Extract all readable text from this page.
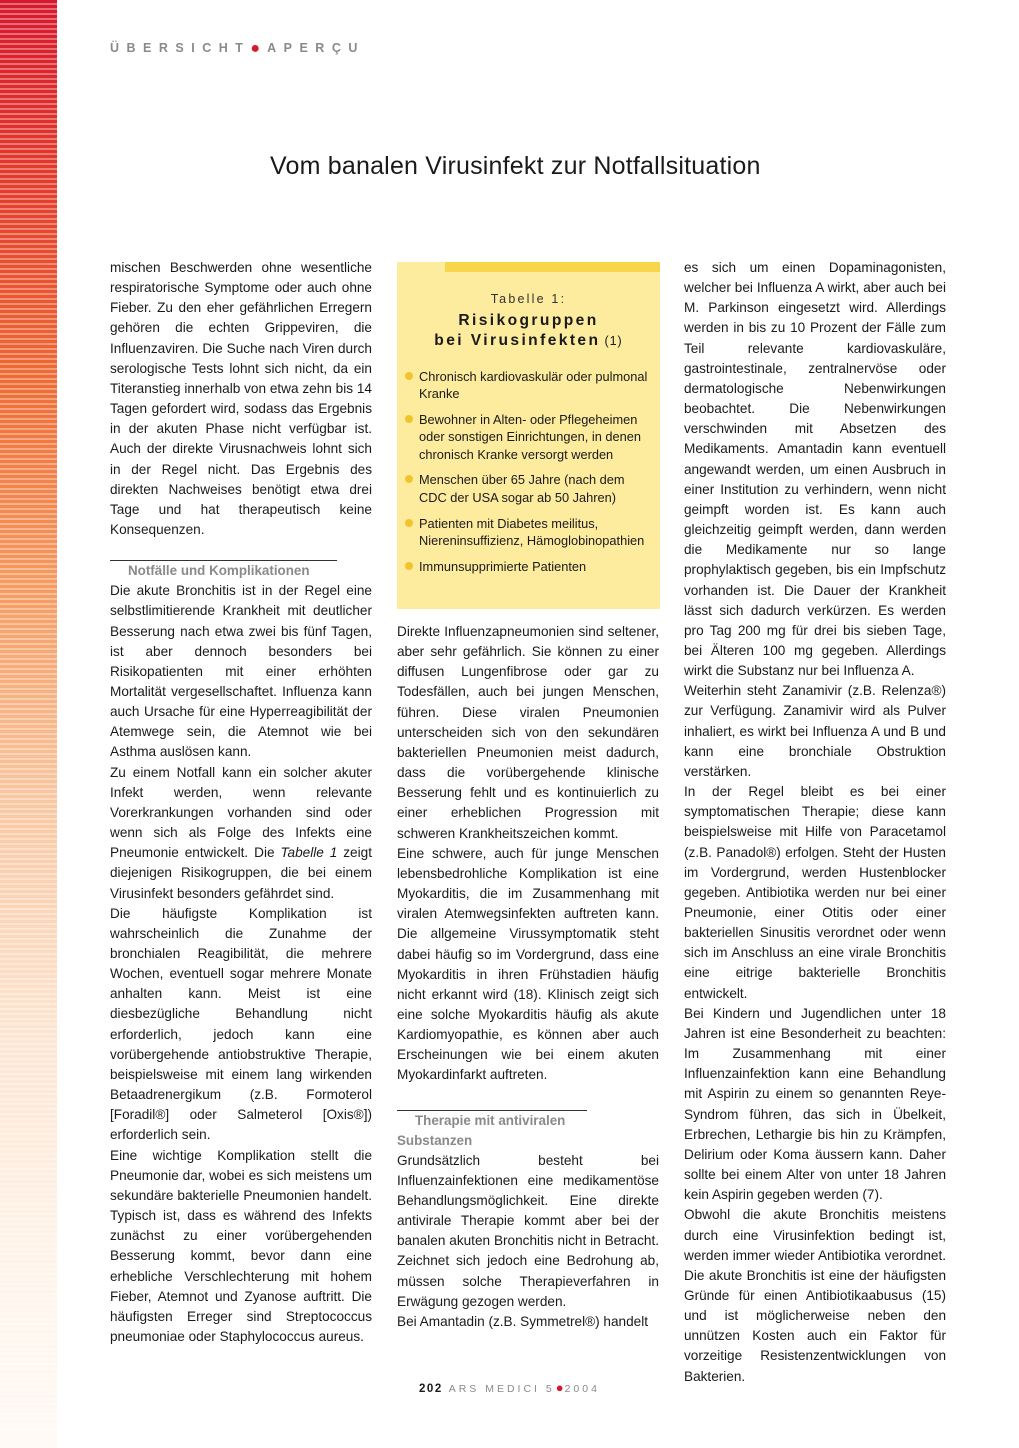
ÜBERSICHT● APERÇU
Vom banalen Virusinfekt zur Notfallsituation

mischen Beschwerden ohne wesentliche respiratorische Symptome oder auch ohne Fieber. Zu den eher gefährlichen Erregern gehören die echten Grippeviren, die Influenzaviren. Die Suche nach Viren durch serologische Tests lohnt sich nicht, da ein Titeranstieg innerhalb von etwa zehn bis 14 Tagen gefordert wird, sodass das Ergebnis in der akuten Phase nicht verfügbar ist. Auch der direkte Virusnachweis lohnt sich in der Regel nicht. Das Ergebnis des direkten Nachweises benötigt etwa drei Tage und hat therapeutisch keine Konsequenzen.

Notfälle und Komplikationen

Die akute Bronchitis ist in der Regel eine selbstlimitierende Krankheit mit deutlicher Besserung nach etwa zwei bis fünf Tagen, ist aber dennoch besonders bei Risikopatienten mit einer erhöhten Mortalität vergesellschaftet. Influenza kann auch Ursache für eine Hyperreagibilität der Atemwege sein, die Atemnot wie bei Asthma auslösen kann.

Zu einem Notfall kann ein solcher akuter Infekt werden, wenn relevante Vorerkrankungen vorhanden sind oder wenn sich als Folge des Infekts eine Pneumonie entwickelt. Die Tabelle 1 zeigt diejenigen Risikogruppen, die bei einem Virusinfekt besonders gefährdet sind.

Die häufigste Komplikation ist wahrscheinlich die Zunahme der bronchialen Reagibilität, die mehrere Wochen, eventuell sogar mehrere Monate anhalten kann. Meist ist eine diesbezügliche Behandlung nicht erforderlich, jedoch kann eine vorübergehende antiobstruktive Therapie, beispielsweise mit einem lang wirkenden Betaadrenergikum (z.B. Formoterol [Foradil®] oder Salmeterol [Oxis®]) erforderlich sein.

Eine wichtige Komplikation stellt die Pneumonie dar, wobei es sich meistens um sekundäre bakterielle Pneumonien handelt. Typisch ist, dass es während des Infekts zunächst zu einer vorübergehenden Besserung kommt, bevor dann eine erhebliche Verschlechterung mit hohem Fieber, Atemnot und Zyanose auftritt. Die häufigsten Erreger sind Streptococcus pneumoniae oder Staphylococcus aureus.

Tabelle 1:
Risikogruppen
bei Virusinfekten (1)
Chronisch kardiovaskulär oder pulmonal Kranke
Bewohner in Alten- oder Pflegeheimen oder sonstigen Einrichtungen, in denen chronisch Kranke versorgt werden
Menschen über 65 Jahre (nach dem CDC der USA sogar ab 50 Jahren)
Patienten mit Diabetes meilitus, Niereninsuffizienz, Hämoglobinopathien
Immunsupprimierte Patienten

Direkte Influenzapneumonien sind seltener, aber sehr gefährlich. Sie können zu einer diffusen Lungenfibrose oder gar zu Todesfällen, auch bei jungen Menschen, führen. Diese viralen Pneumonien unterscheiden sich von den sekundären bakteriellen Pneumonien meist dadurch, dass die vorübergehende klinische Besserung fehlt und es kontinuierlich zu einer erheblichen Progression mit schweren Krankheitszeichen kommt.

Eine schwere, auch für junge Menschen lebensbedrohliche Komplikation ist eine Myokarditis, die im Zusammenhang mit viralen Atemwegsinfekten auftreten kann. Die allgemeine Virussymptomatik steht dabei häufig so im Vordergrund, dass eine Myokarditis in ihren Frühstadien häufig nicht erkannt wird (18). Klinisch zeigt sich eine solche Myokarditis häufig als akute Kardiomyopathie, es können aber auch Erscheinungen wie bei einem akuten Myokardinfarkt auftreten.

Therapie mit antiviralen
Substanzen

Grundsätzlich besteht bei Influenzainfektionen eine medikamentöse Behandlungsmöglichkeit. Eine direkte antivirale Therapie kommt aber bei der banalen akuten Bronchitis nicht in Betracht. Zeichnet sich jedoch eine Bedrohung ab, müssen solche Therapieverfahren in Erwägung gezogen werden.

Bei Amantadin (z.B. Symmetrel®) handelt

es sich um einen Dopaminagonisten, welcher bei Influenza A wirkt, aber auch bei M. Parkinson eingesetzt wird. Allerdings werden in bis zu 10 Prozent der Fälle zum Teil relevante kardiovaskuläre, gastrointestinale, zentralnervöse oder dermatologische Nebenwirkungen beobachtet. Die Nebenwirkungen verschwinden mit Absetzen des Medikaments. Amantadin kann eventuell angewandt werden, um einen Ausbruch in einer Institution zu verhindern, wenn nicht geimpft worden ist. Es kann auch gleichzeitig geimpft werden, dann werden die Medikamente nur so lange prophylaktisch gegeben, bis ein Impfschutz vorhanden ist. Die Dauer der Krankheit lässt sich dadurch verkürzen. Es werden pro Tag 200 mg für drei bis sieben Tage, bei Älteren 100 mg gegeben. Allerdings wirkt die Substanz nur bei Influenza A.

Weiterhin steht Zanamivir (z.B. Relenza®) zur Verfügung. Zanamivir wird als Pulver inhaliert, es wirkt bei Influenza A und B und kann eine bronchiale Obstruktion verstärken.

In der Regel bleibt es bei einer symptomatischen Therapie; diese kann beispielsweise mit Hilfe von Paracetamol (z.B. Panadol®) erfolgen. Steht der Husten im Vordergrund, werden Hustenblocker gegeben. Antibiotika werden nur bei einer Pneumonie, einer Otitis oder einer bakteriellen Sinusitis verordnet oder wenn sich im Anschluss an eine virale Bronchitis eine eitrige bakterielle Bronchitis entwickelt.

Bei Kindern und Jugendlichen unter 18 Jahren ist eine Besonderheit zu beachten: Im Zusammenhang mit einer Influenzainfektion kann eine Behandlung mit Aspirin zu einem so genannten Reye-Syndrom führen, das sich in Übelkeit, Erbrechen, Lethargie bis hin zu Krämpfen, Delirium oder Koma äussern kann. Daher sollte bei einem Alter von unter 18 Jahren kein Aspirin gegeben werden (7).

Obwohl die akute Bronchitis meistens durch eine Virusinfektion bedingt ist, werden immer wieder Antibiotika verordnet. Die akute Bronchitis ist eine der häufigsten Gründe für einen Antibiotikaabusus (15) und ist möglicherweise neben den unnützen Kosten auch ein Faktor für vorzeitige Resistenzentwicklungen von Bakterien.

202 ARS MEDICI 5●2004
